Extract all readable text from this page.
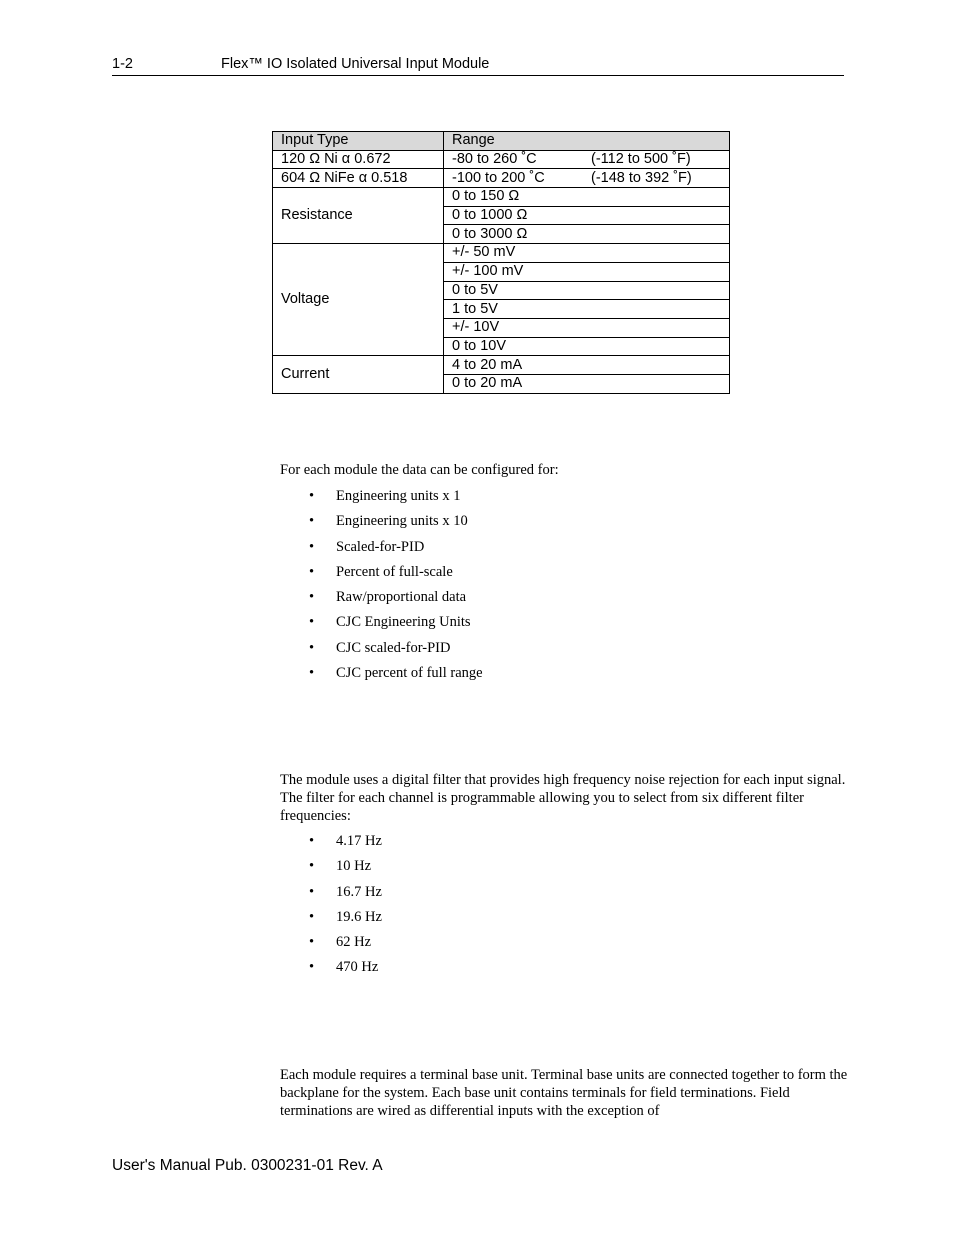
1-2	Flex™ IO Isolated Universal Input Module
Input Type	Range
120 Ω Ni α 0.672	-80 to 260 ˚C (-112 to 500 ˚F)
604 Ω NiFe α 0.518	-100 to 200 ˚C (-148 to 392 ˚F)
Resistance	0 to 150 Ω
	0 to 1000 Ω
	0 to 3000 Ω
Voltage	+/- 50 mV
	+/- 100 mV
	0 to 5V
	1 to 5V
	+/- 10V
	0 to 10V
Current	4 to 20 mA
	0 to 20 mA
For each module the data can be configured for:
• Engineering units x 1
• Engineering units x 10
• Scaled-for-PID
• Percent of full-scale
• Raw/proportional data
• CJC Engineering Units
• CJC scaled-for-PID
• CJC percent of full range
The module uses a digital filter that provides high frequency noise rejection for each input signal. The filter for each channel is programmable allowing you to select from six different filter frequencies:
• 4.17 Hz
• 10 Hz
• 16.7 Hz
• 19.6 Hz
• 62 Hz
• 470 Hz
Each module requires a terminal base unit. Terminal base units are connected together to form the backplane for the system. Each base unit contains terminals for field terminations. Field terminations are wired as differential inputs with the exception of
User's Manual Pub. 0300231-01 Rev. A
